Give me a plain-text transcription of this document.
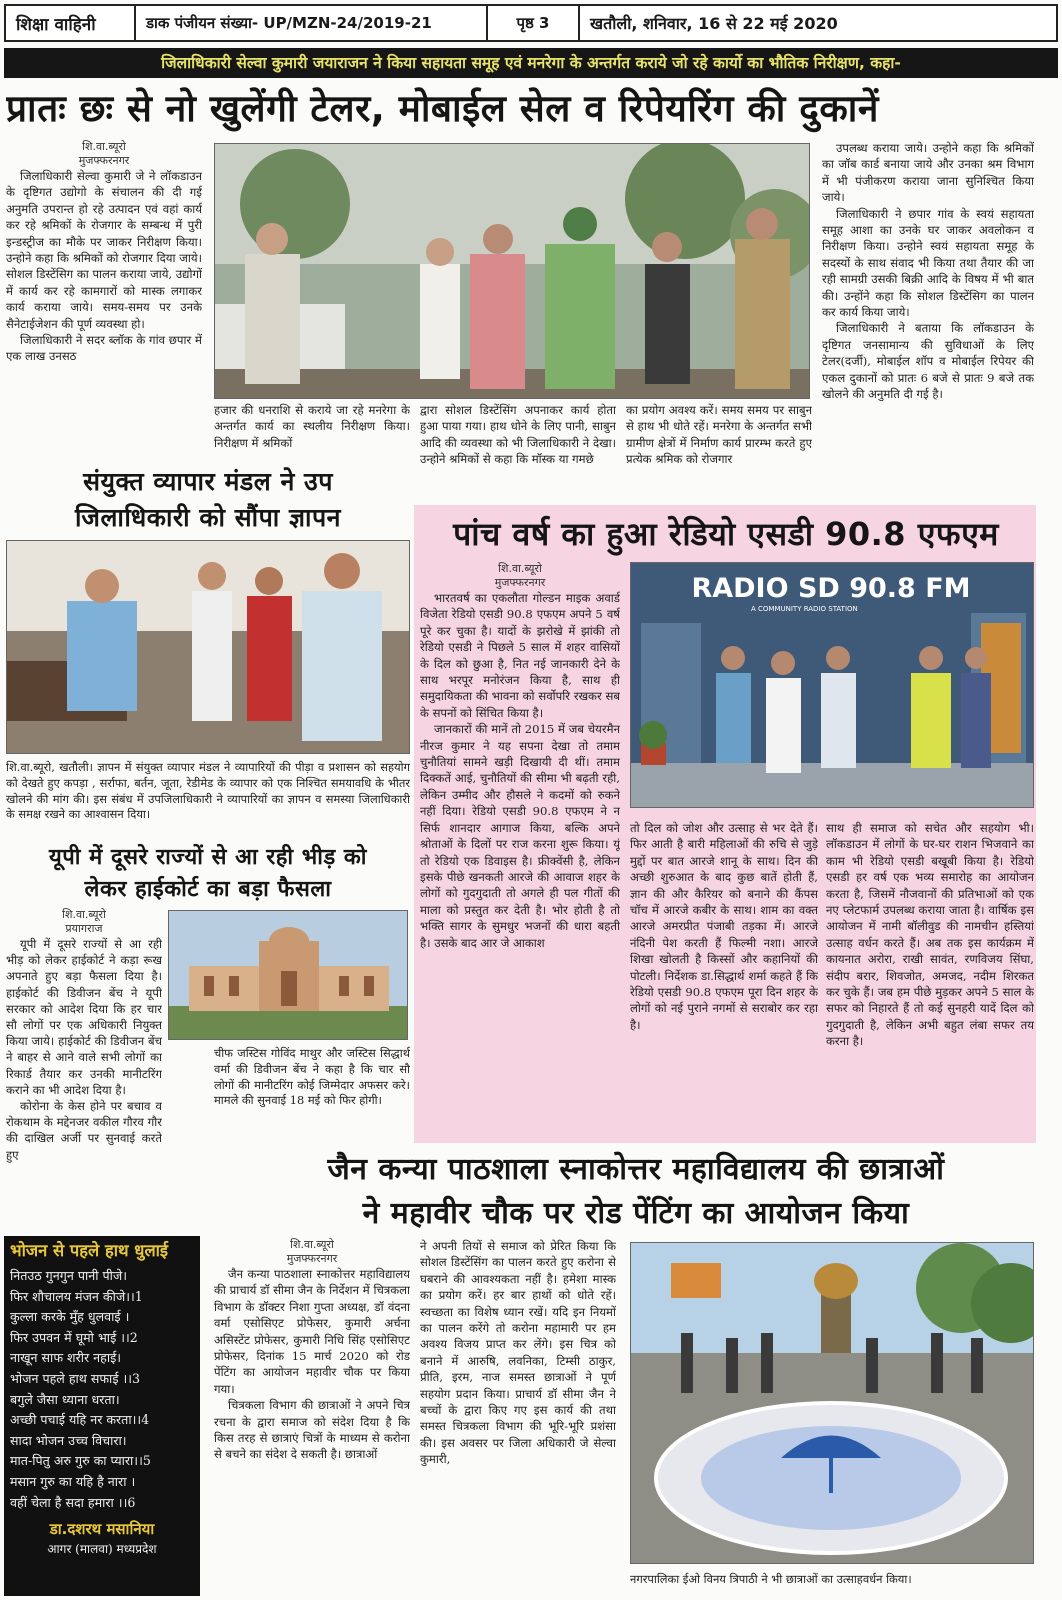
शिक्षा वाहिनी	डाक पंजीयन संख्या- UP/MZN-24/2019-21	पृष्ठ 3	खतौली, शनिवार, 16 से 22 मई 2020
जिलाधिकारी सेल्वा कुमारी जयाराजन ने किया सहायता समूह एवं मनरेगा के अन्तर्गत कराये जो रहे कार्यो का भौतिक निरीक्षण, कहा-
प्रातः छः से नो खुलेंगी टेलर, मोबाईल सेल व रिपेयरिंग की दुकानें
शि.वा.ब्यूरो
मुजफ्फरनगर

जिलाधिकारी सेल्वा कुमारी जे ने लॉकडाउन के दृष्टिगत उद्योगो के संचालन की दी गई अनुमति उपरान्त हो रहे उत्पादन एवं वहां कार्य कर रहे श्रमिकों के रोजगार के सम्बन्ध में पुरी इन्डस्ट्रीज का मौके पर जाकर निरीक्षण किया। उन्होने कहा कि श्रमिकों को रोजगार दिया जाये। सोशल डिस्टेंसिग का पालन कराया जाये, उद्योगों में कार्य कर रहे कामगारों को मास्क लगाकर कार्य कराया जाये। समय-समय पर उनके सैनेटाईजेशन की पूर्ण व्यवस्था हो।

जिलाधिकारी ने सदर ब्लॉक के गांव छपार में एक लाख उनसठ

हजार की धनराशि से कराये जा रहे मनरेगा के अन्तर्गत कार्य का स्थलीय निरीक्षण किया। निरीक्षण में श्रमिकों
द्वारा सोशल डिस्टेंसिंग अपनाकर कार्य होता हुआ पाया गया। हाथ धोने के लिए पानी, साबुन आदि की व्यवस्था को भी जिलाधिकारी ने देखा। उन्होने श्रमिकों से कहा कि मॉस्क या गमछे
का प्रयोग अवश्य करें। समय समय पर साबुन से हाथ भी धोते रहें। मनरेगा के अन्तर्गत सभी ग्रामीण क्षेत्रों में निर्माण कार्य प्रारम्भ करते हुए प्रत्येक श्रमिक को रोजगार

उपलब्ध कराया जाये। उन्होने कहा कि श्रमिकों का जॉब कार्ड बनाया जाये और उनका श्रम विभाग में भी पंजीकरण कराया जाना सुनिश्चित किया जाये।

जिलाधिकारी ने छपार गांव के स्वयं सहायता समूह आशा का उनके घर जाकर अवलोकन व निरीक्षण किया। उन्होने स्वयं सहायता समूह के सदस्यों के साथ संवाद भी किया तथा तैयार की जा रही सामग्री उसकी बिक्री आदि के विषय में भी बात की। उन्होंने कहा कि सोशल डिस्टेंसिग का पालन कर कार्य किया जाये।

जिलाधिकारी ने बताया कि लॉकडाउन के दृष्टिगत जनसामान्य की सुविधाओं के लिए टेलर(दर्जी), मोबाईल शॉप व मोबाईल रिपेयर की एकल दुकानों को प्रातः 6 बजे से प्रातः 9 बजे तक खोलने की अनुमति दी गई है।

संयुक्त व्यापार मंडल ने उप
जिलाधिकारी को सौंपा ज्ञापन
शि.वा.ब्यूरो, खतौली। ज्ञापन में संयुक्त व्यापार मंडल ने व्यापारियों की पीड़ा व प्रशासन को सहयोग को देखते हुए कपड़ा , सर्राफा, बर्तन, जूता, रेडीमेड के व्यापार को एक निश्चित समयावधि के भीतर खोलने की मांग की। इस संबंध में उपजिलाधिकारी ने व्यापारियों का ज्ञापन व समस्या जिलाधिकारी के समक्ष रखने का आश्वासन दिया।
यूपी में दूसरे राज्यों से आ रही भीड़ को
लेकर हाईकोर्ट का बड़ा फैसला
शि.वा.ब्यूरो
प्रयागराज

यूपी में दूसरे राज्यों से आ रही भीड़ को लेकर हाईकोर्ट ने कड़ा रूख अपनाते हुए बड़ा फैसला दिया है। हाईकोर्ट की डिवीजन बेंच ने यूपी सरकार को आदेश दिया कि हर चार सौ लोगों पर एक अधिकारी नियुक्त किया जाये। हाईकोर्ट की डिवीजन बेंच ने बाहर से आने वाले सभी लोगों का रिकार्ड तैयार कर उनकी मानीटरिंग कराने का भी आदेश दिया है।

कोरोना के केस होने पर बचाव व रोकथाम के मद्देनजर वकील गौरव गौर की दाखिल अर्जी पर सुनवाई करते हुए

चीफ जस्टिस गोविंद माथुर और जस्टिस सिद्धार्थ वर्मा की डिवीजन बेंच ने कहा है कि चार सौ लोगों की मानीटरिंग कोई जिम्मेदार अफसर करे। मामले की सुनवाई 18 मई को फिर होगी।
पांच वर्ष का हुआ रेडियो एसडी 90.8 एफएम
शि.वा.ब्यूरो
मुजफ्फरनगर

भारतवर्ष का एकलौता गोल्डन माइक अवार्ड विजेता रेडियो एसडी 90.8 एफएम अपने 5 वर्ष पूरे कर चुका है। यादों के झरोखे में झांकी तो रेडियो एसडी ने पिछले 5 साल में शहर वासियों के दिल को छुआ है, नित नई जानकारी देने के साथ भरपूर मनोरंजन किया है, साथ ही समुदायिकता की भावना को सर्वोपरि रखकर सब के सपनों को सिंचित किया है।

जानकारों की मानें तो 2015 में जब चेयरमैन नीरज कुमार ने यह सपना देखा तो तमाम चुनौतियां सामने खड़ी दिखायी दी थीं। तमाम दिक्कतें आई, चुनौतियों की सीमा भी बढ़ती रही, लेकिन उम्मीद और हौसले ने कदमों को रुकने नहीं दिया। रेडियो एसडी 90.8 एफएम ने न सिर्फ शानदार आगाज किया, बल्कि अपने श्रोताओं के दिलों पर राज करना शुरू किया। यूं तो रेडियो एक डिवाइस है। फ्रीक्वेंसी है, लेकिन इसके पीछे खनकती आरजे की आवाज शहर के लोगों को गुदगुदाती तो अगले ही पल गीतों की माला को प्रस्तुत कर देती है। भोर होती है तो भक्ति सागर के सुमधुर भजनों की धारा बहती है। उसके बाद आर जे आकाश

RADIO SD 90.8 FM
A COMMUNITY RADIO STATION
तो दिल को जोश और उत्साह से भर देते हैं। फिर आती है बारी महिलाओं की रुचि से जुड़े मुद्दों पर बात आरजे शानू के साथ। दिन की अच्छी शुरुआत के बाद कुछ बातें होती हैं, ज्ञान की और कैरियर को बनाने की कैंपस चॉच में आरजे कबीर के साथ। शाम का वक्त आरजे अमरप्रीत पंजाबी तड़का में। आरजे नंदिनी पेश करती हैं फिल्मी नशा। आरजे शिखा खोलती है किस्सों और कहानियों की पोटली। निर्देशक डा.सिद्धार्थ शर्मा कहते हैं कि रेडियो एसडी 90.8 एफएम पूरा दिन शहर के लोगों को नई पुराने नगमों से सराबोर कर रहा है।
साथ ही समाज को सचेत और सहयोग भी। लॉकडाउन में लोगों के घर-घर राशन भिजवाने का काम भी रेडियो एसडी बखूबी किया है। रेडियो एसडी हर वर्ष एक भव्य समारोह का आयोजन करता है, जिसमें नौजवानों की प्रतिभाओं को एक नए प्लेटफार्म उपलब्ध कराया जाता है। वार्षिक इस आयोजन में नामी बॉलीवुड की नामचीन हस्तियां उत्साह वर्धन करते हैं। अब तक इस कार्यक्रम में कायनात अरोरा, राखी सावंत, रणविजय सिंघा, संदीप बरार, शिवजोत, अमजद, नदीम शिरकत कर चुके हैं। जब हम पीछे मुड़कर अपने 5 साल के सफर को निहारते हैं तो कई सुनहरी यादें दिल को गुदगुदाती है, लेकिन अभी बहुत लंबा सफर तय करना है।
जैन कन्या पाठशाला स्नाकोत्तर महाविद्यालय की छात्राओं
ने महावीर चौक पर रोड पेंटिंग का आयोजन किया
शि.वा.ब्यूरो
मुजफ्फरनगर

जैन कन्या पाठशाला स्नाकोत्तर महाविद्यालय की प्राचार्य डॉ सीमा जैन के निर्देशन में चित्रकला विभाग के डॉक्टर निशा गुप्ता अध्यक्ष, डॉ वंदना वर्मा एसोसिएट प्रोफेसर, कुमारी अर्चना असिस्टेंट प्रोफेसर, कुमारी निधि सिंह एसोसिएट प्रोफेसर, दिनांक 15 मार्च 2020 को रोड पेंटिंग का आयोजन महावीर चौक पर किया गया।

चित्रकला विभाग की छात्राओं ने अपने चित्र रचना के द्वारा समाज को संदेश दिया है कि किस तरह से छात्राएं चित्रों के माध्यम से करोना से बचने का संदेश दे सकती है। छात्राओं

ने अपनी तियों से समाज को प्रेरित किया कि सोशल डिस्टेंसिंग का पालन करते हुए करोना से घबराने की आवश्यकता नहीं है। हमेशा मास्क का प्रयोग करें। हर बार हाथों को धोते रहें। स्वच्छता का विशेष ध्यान रखें। यदि इन नियमों का पालन करेंगे तो करोना महामारी पर हम अवश्य विजय प्राप्त कर लेंगे। इस चित्र को बनाने में आरुषि, लवनिका, टिम्सी ठाकुर, प्रीति, इरम, नाज समस्त छात्राओं ने पूर्ण सहयोग प्रदान किया। प्राचार्य डॉ सीमा जैन ने बच्चों के द्वारा किए गए इस कार्य की तथा समस्त चित्रकला विभाग की भूरि-भूरि प्रशंसा की। इस अवसर पर जिला अधिकारी जे सेल्वा कुमारी,
नगरपालिका ईओ विनय त्रिपाठी ने भी छात्राओं का उत्साहवर्धन किया।
भोजन से पहले हाथ धुलाई
नितउठ गुनगुन पानी पीजे।
फिर शौचालय मंजन कीजे।।1
कुल्ला करके मुँह धुलवाई ।
फिर उपवन में घूमो भाई ।।2
नाखून साफ शरीर नहाई।
भोजन पहले हाथ सफाई ।।3
बगुले जैसा ध्याना धरता।
अच्छी पचाई यहि नर करता।।4
सादा भोजन उच्च विचारा।
मात-पितु अरु गुरु का प्यारा।।5
मसान गुरु का यहि है नारा ।
वहीं चेला है सदा हमारा ।।6
डा.दशरथ मसानिया
आगर (मालवा) मध्यप्रदेश
